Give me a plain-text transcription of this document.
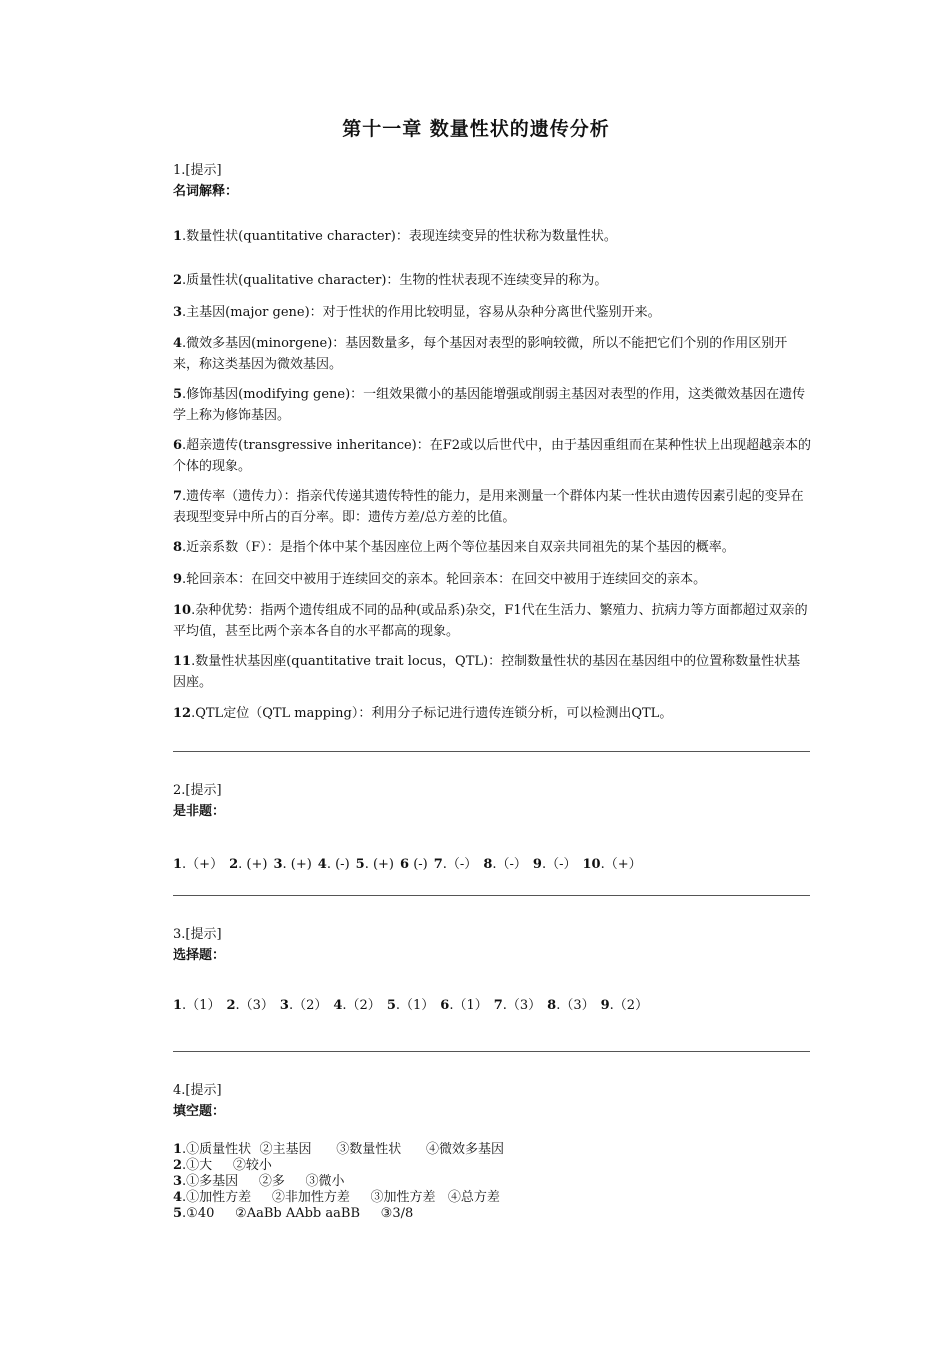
第十一章 数量性状的遗传分析
1.[提示]
名词解释：
1.数量性状(quantitative character)：表现连续变异的性状称为数量性状。
2.质量性状(qualitative character)：生物的性状表现不连续变异的称为。
3.主基因(major gene)：对于性状的作用比较明显，容易从杂种分离世代鉴别开来。
4.微效多基因(minorgene)：基因数量多，每个基因对表型的影响较微，所以不能把它们个别的作用区别开来，称这类基因为微效基因。
5.修饰基因(modifying gene)：一组效果微小的基因能增强或削弱主基因对表型的作用，这类微效基因在遗传学上称为修饰基因。
6.超亲遗传(transgressive inheritance)：在F2或以后世代中，由于基因重组而在某种性状上出现超越亲本的个体的现象。
7.遗传率（遗传力）：指亲代传递其遗传特性的能力，是用来测量一个群体内某一性状由遗传因素引起的变异在表现型变异中所占的百分率。即：遗传方差/总方差的比值。
8.近亲系数（F）：是指个体中某个基因座位上两个等位基因来自双亲共同祖先的某个基因的概率。
9.轮回亲本：在回交中被用于连续回交的亲本。轮回亲本：在回交中被用于连续回交的亲本。
10.杂种优势：指两个遗传组成不同的品种(或品系)杂交，F1代在生活力、繁殖力、抗病力等方面都超过双亲的平均值，甚至比两个亲本各自的水平都高的现象。
11.数量性状基因座(quantitative trait locus，QTL)：控制数量性状的基因在基因组中的位置称数量性状基因座。
12.QTL定位（QTL mapping）：利用分子标记进行遗传连锁分析，可以检测出QTL。
2.[提示]
是非题：
1.（+） 2. (+) 3. (+) 4. (-) 5. (+) 6 (-) 7.（-） 8.（-） 9.（-） 10.（+）
3.[提示]
选择题：
1.（1） 2.（3） 3.（2） 4.（2） 5.（1） 6.（1） 7.（3） 8.（3） 9.（2）
4.[提示]
填空题：
1.①质量性状  ②主基因      ③数量性状      ④微效多基因
2.①大     ②较小
3.①多基因     ②多     ③微小
4.①加性方差     ②非加性方差     ③加性方差   ④总方差
5.①40     ②AaBb AAbb aaBB     ③3/8
